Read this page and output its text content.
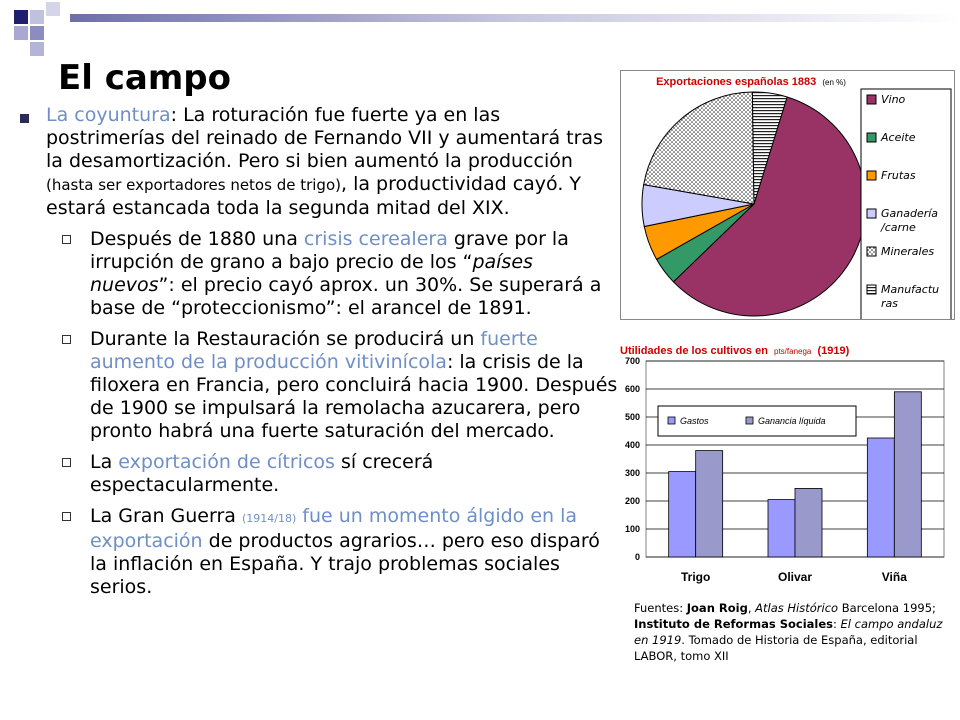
El campo
La coyuntura: La roturación fue fuerte ya en las postrimerías del reinado de Fernando VII y aumentará tras la desamortización. Pero si bien aumentó la producción (hasta ser exportadores netos de trigo), la productividad cayó. Y estará estancada toda la segunda mitad del XIX.
Después de 1880 una crisis cerealera grave por la irrupción de grano a bajo precio de los “países nuevos”: el precio cayó aprox. un 30%. Se superará a base de “proteccionismo”: el arancel de 1891.
Durante la Restauración se producirá un fuerte aumento de la producción vitivinícola: la crisis de la filoxera en Francia, pero concluirá hacia 1900. Después de 1900 se impulsará la remolacha azucarera, pero pronto habrá una fuerte saturación del mercado.
La exportación de cítricos sí crecerá espectacularmente.
La Gran Guerra (1914/18) fue un momento álgido en la exportación de productos agrarios… pero eso disparó la inflación en España. Y trajo problemas sociales serios.
Exportaciones españolas 1883 (en %)
Vino
Aceite
Frutas
Ganadería
/carne
Minerales
Manufactu
ras
Utilidades de los cultivos en pts/fanega (1919)
0
100
200
300
400
500
600
700
Trigo	Olivar	Viña
Gastos	Ganancia líquida
Fuentes: Joan Roig, Atlas Histórico Barcelona 1995; Instituto de Reformas Sociales: El campo andaluz en 1919. Tomado de Historia de España, editorial LABOR, tomo XII
